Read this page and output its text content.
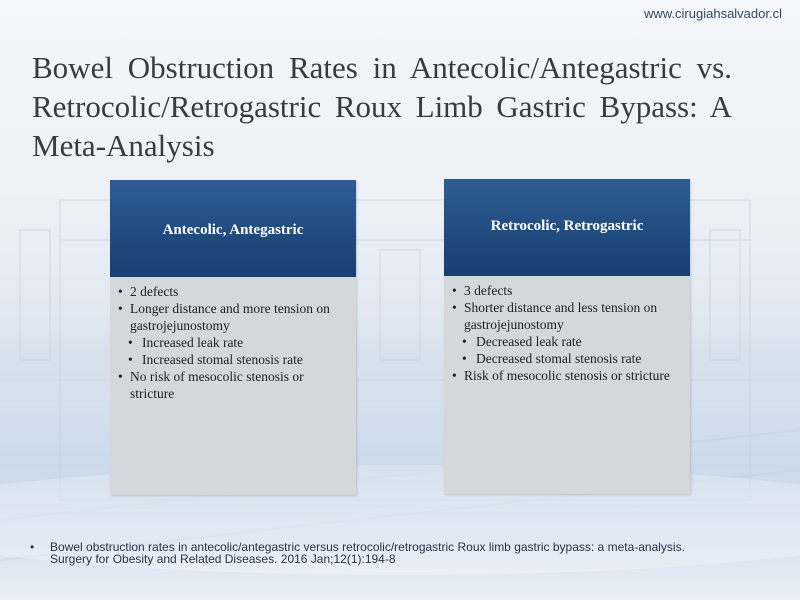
www.cirugiahsalvador.cl
Bowel Obstruction Rates in Antecolic/Antegastric vs. Retrocolic/Retrogastric Roux Limb Gastric Bypass: A Meta-Analysis
Antecolic, Antegastric
• 2 defects
• Longer distance and more tension on gastrojejunostomy
• Increased leak rate
• Increased stomal stenosis rate
• No risk of mesocolic stenosis or stricture
Retrocolic, Retrogastric
• 3 defects
• Shorter distance and less tension on gastrojejunostomy
• Decreased leak rate
• Decreased stomal stenosis rate
• Risk of mesocolic stenosis or stricture
•	Bowel obstruction rates in antecolic/antegastric versus retrocolic/retrogastric Roux limb gastric bypass: a meta-analysis. Surgery for Obesity and Related Diseases. 2016 Jan;12(1):194-8
